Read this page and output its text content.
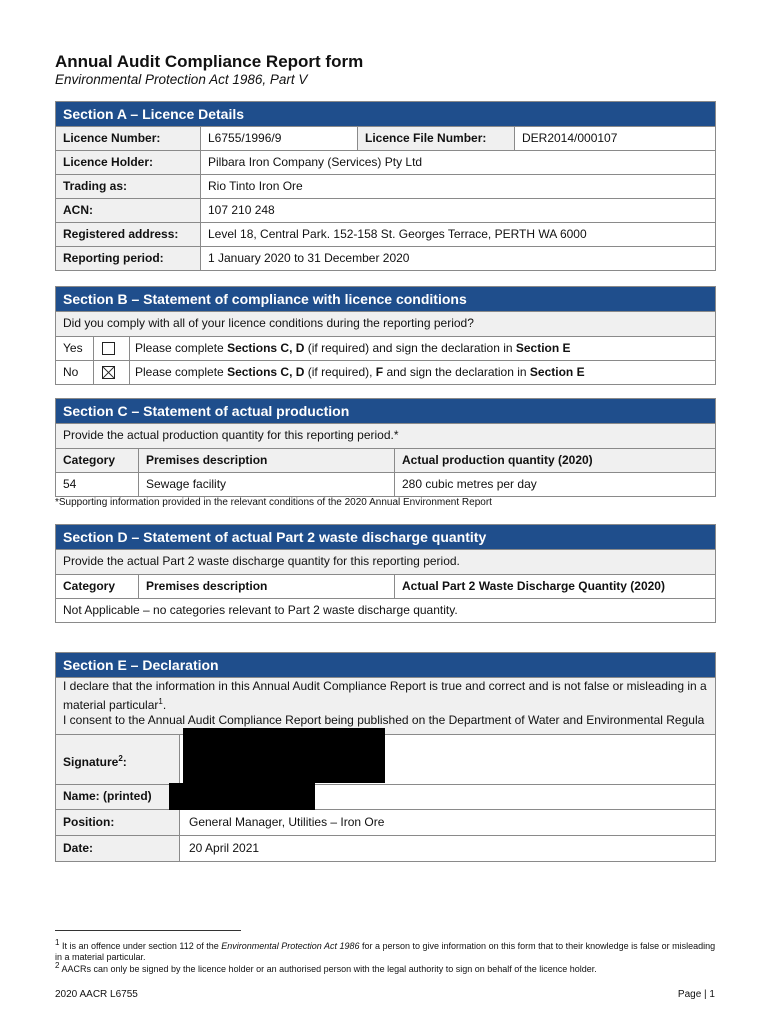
Annual Audit Compliance Report form
Environmental Protection Act 1986, Part V
Section A – Licence Details
Licence Number:	L6755/1996/9	Licence File Number:	DER2014/000107
Licence Holder:	Pilbara Iron Company (Services) Pty Ltd
Trading as:	Rio Tinto Iron Ore
ACN:	107 210 248
Registered address:	Level 18, Central Park. 152-158 St. Georges Terrace, PERTH WA 6000
Reporting period:	1 January 2020 to 31 December 2020
Section B – Statement of compliance with licence conditions
Did you comply with all of your licence conditions during the reporting period?
Yes	Please complete Sections C, D (if required) and sign the declaration in Section E
No	Please complete Sections C, D (if required), F and sign the declaration in Section E
Section C – Statement of actual production
Provide the actual production quantity for this reporting period.*
Category	Premises description	Actual production quantity (2020)
54	Sewage facility	280 cubic metres per day
*Supporting information provided in the relevant conditions of the 2020 Annual Environment Report
Section D – Statement of actual Part 2 waste discharge quantity
Provide the actual Part 2 waste discharge quantity for this reporting period.
Category	Premises description	Actual Part 2 Waste Discharge Quantity (2020)
Not Applicable – no categories relevant to Part 2 waste discharge quantity.
Section E – Declaration
I declare that the information in this Annual Audit Compliance Report is true and correct and is not false or misleading in a material particular$^1$.
I consent to the Annual Audit Compliance Report being published on the Department of Water and Environmental Regula
Signature$^2$:
Name: (printed)
Position:	General Manager, Utilities – Iron Ore
Date:	20 April 2021
$^1$ It is an offence under section 112 of the Environmental Protection Act 1986 for a person to give information on this form that to their knowledge is false or misleading in a material particular.
$^2$ AACRs can only be signed by the licence holder or an authorised person with the legal authority to sign on behalf of the licence holder.
2020 AACR L6755	Page | 1
